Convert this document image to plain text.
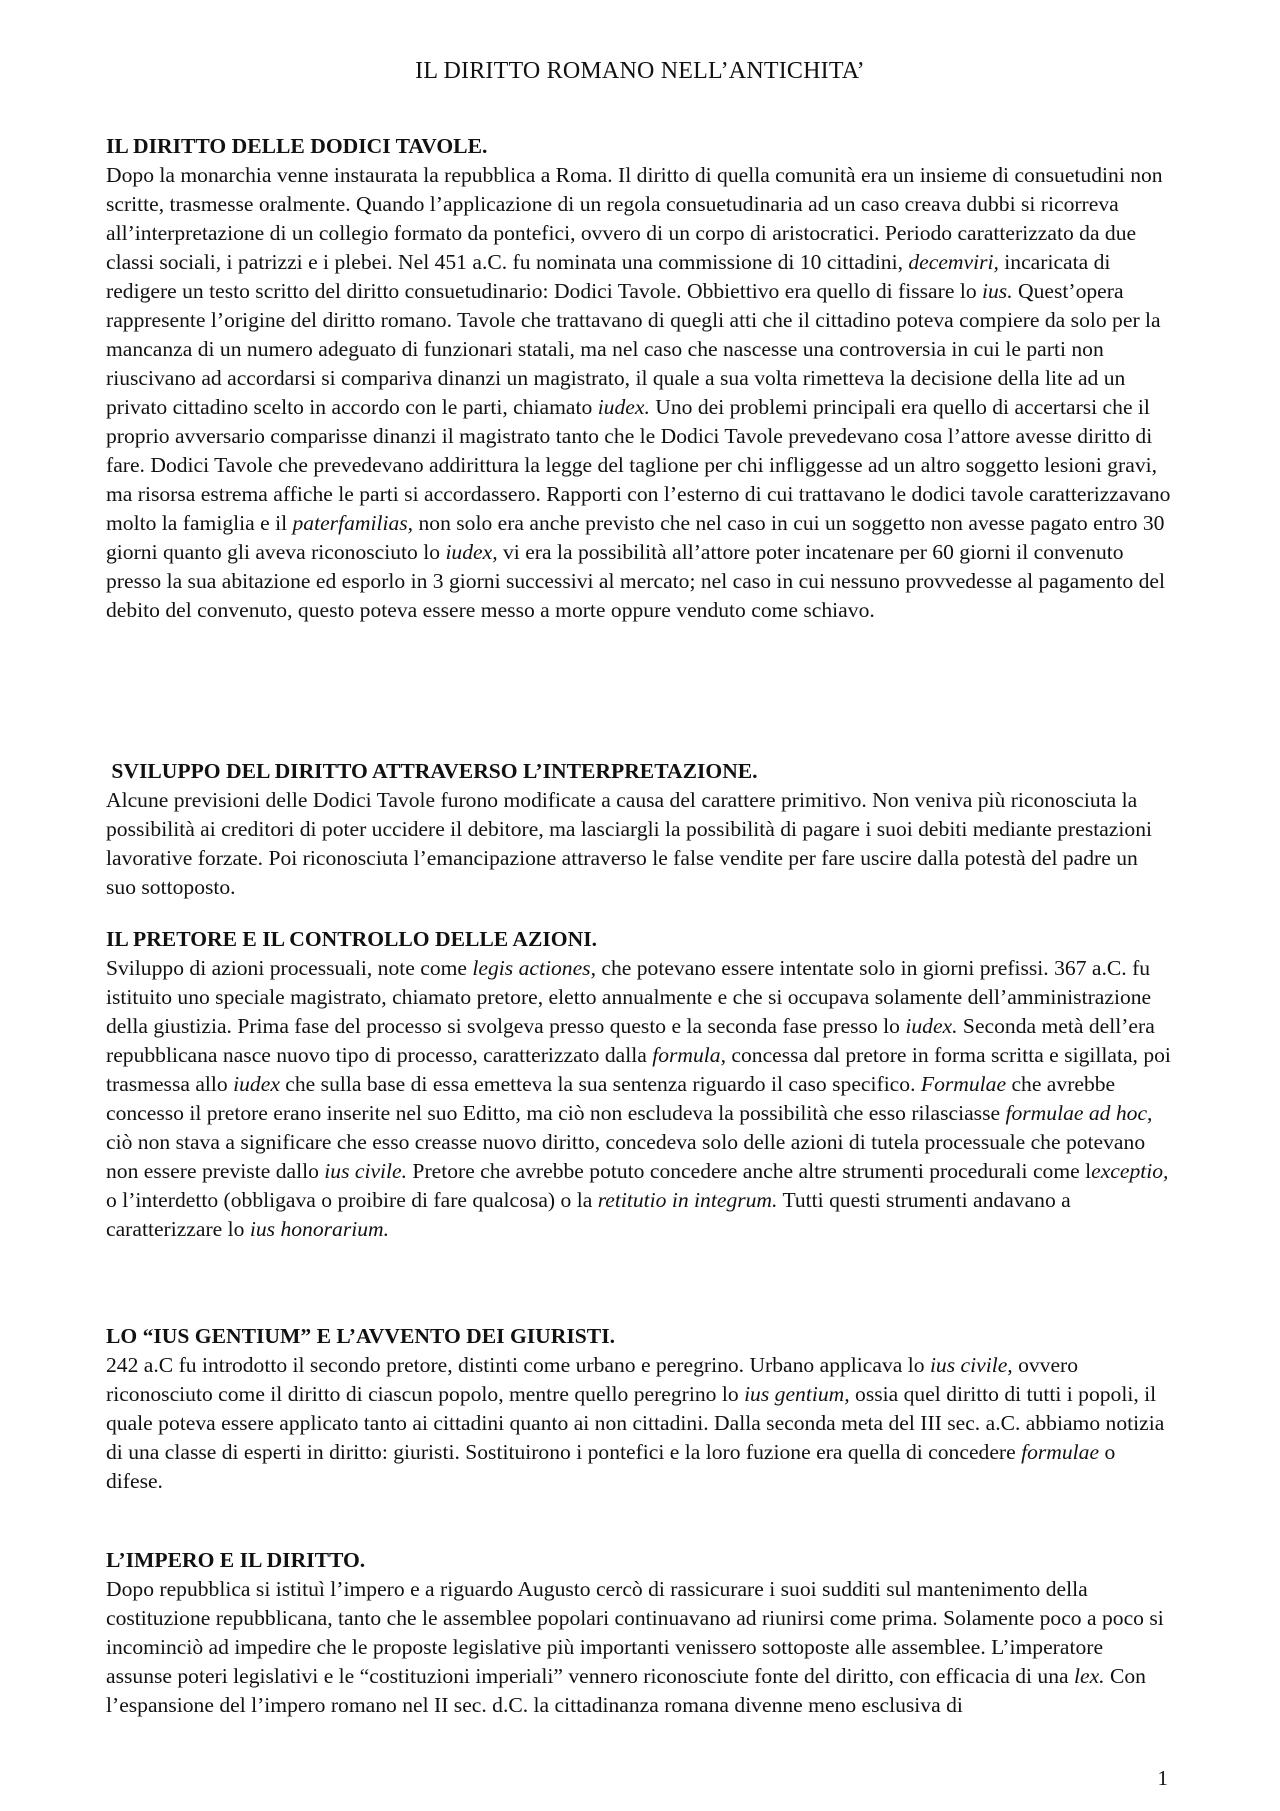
IL DIRITTO ROMANO NELL’ANTICHITA’
IL DIRITTO DELLE DODICI TAVOLE.

Dopo la monarchia venne instaurata la repubblica a Roma. Il diritto di quella comunità era un insieme di consuetudini non scritte, trasmesse oralmente. Quando l’applicazione di un regola consuetudinaria ad un caso creava dubbi si ricorreva all’interpretazione di un collegio formato da pontefici, ovvero di un corpo di aristocratici. Periodo caratterizzato da due classi sociali, i patrizzi e i plebei. Nel 451 a.C. fu nominata una commissione di 10 cittadini, decemviri, incaricata di redigere un testo scritto del diritto consuetudinario: Dodici Tavole. Obbiettivo era quello di fissare lo ius. Quest’opera rappresente l’origine del diritto romano. Tavole che trattavano di quegli atti che il cittadino poteva compiere da solo per la mancanza di un numero adeguato di funzionari statali, ma nel caso che nascesse una controversia in cui le parti non riuscivano ad accordarsi si compariva dinanzi un magistrato, il quale a sua volta rimetteva la decisione della lite ad un privato cittadino scelto in accordo con le parti, chiamato iudex. Uno dei problemi principali era quello di accertarsi che il proprio avversario comparisse dinanzi il magistrato tanto che le Dodici Tavole prevedevano cosa l’attore avesse diritto di fare. Dodici Tavole che prevedevano addirittura la legge del taglione per chi infliggesse ad un altro soggetto lesioni gravi, ma risorsa estrema affiche le parti si accordassero. Rapporti con l’esterno di cui trattavano le dodici tavole caratterizzavano molto la famiglia e il paterfamilias, non solo era anche previsto che nel caso in cui un soggetto non avesse pagato entro 30 giorni quanto gli aveva riconosciuto lo iudex, vi era la possibilità all’attore poter incatenare per 60 giorni il convenuto presso la sua abitazione ed esporlo in 3 giorni successivi al mercato; nel caso in cui nessuno provvedesse al pagamento del debito del convenuto, questo poteva essere messo a morte oppure venduto come schiavo.

SVILUPPO DEL DIRITTO ATTRAVERSO L’INTERPRETAZIONE.

Alcune previsioni delle Dodici Tavole furono modificate a causa del carattere primitivo. Non veniva più riconosciuta la possibilità ai creditori di poter uccidere il debitore, ma lasciargli la possibilità di pagare i suoi debiti mediante prestazioni lavorative forzate. Poi riconosciuta l’emancipazione attraverso le false vendite per fare uscire dalla potestà del padre un suo sottoposto.

IL PRETORE E IL CONTROLLO DELLE AZIONI.

Sviluppo di azioni processuali, note come legis actiones, che potevano essere intentate solo in giorni prefissi. 367 a.C. fu istituito uno speciale magistrato, chiamato pretore, eletto annualmente e che si occupava solamente dell’amministrazione della giustizia. Prima fase del processo si svolgeva presso questo e la seconda fase presso lo iudex. Seconda metà dell’era repubblicana nasce nuovo tipo di processo, caratterizzato dalla formula, concessa dal pretore in forma scritta e sigillata, poi trasmessa allo iudex che sulla base di essa emetteva la sua sentenza riguardo il caso specifico. Formulae che avrebbe concesso il pretore erano inserite nel suo Editto, ma ciò non escludeva la possibilità che esso rilasciasse formulae ad hoc, ciò non stava a significare che esso creasse nuovo diritto, concedeva solo delle azioni di tutela processuale che potevano non essere previste dallo ius civile. Pretore che avrebbe potuto concedere anche altre strumenti procedurali come lexceptio, o l’interdetto (obbligava o proibire di fare qualcosa) o la retitutio in integrum. Tutti questi strumenti andavano a caratterizzare lo ius honorarium.

LO “IUS GENTIUM” E L’AVVENTO DEI GIURISTI.

242 a.C fu introdotto il secondo pretore, distinti come urbano e peregrino. Urbano applicava lo ius civile, ovvero riconosciuto come il diritto di ciascun popolo, mentre quello peregrino lo ius gentium, ossia quel diritto di tutti i popoli, il quale poteva essere applicato tanto ai cittadini quanto ai non cittadini. Dalla seconda meta del III sec. a.C. abbiamo notizia di una classe di esperti in diritto: giuristi. Sostituirono i pontefici e la loro fuzione era quella di concedere formulae o difese.

L’IMPERO E IL DIRITTO.

Dopo repubblica si istituì l’impero e a riguardo Augusto cercò di rassicurare i suoi sudditi sul mantenimento della costituzione repubblicana, tanto che le assemblee popolari continuavano ad riunirsi come prima. Solamente poco a poco si incominciò ad impedire che le proposte legislative più importanti venissero sottoposte alle assemblee. L’imperatore assunse poteri legislativi e le “costituzioni imperiali” vennero riconosciute fonte del diritto, con efficacia di una lex. Con l’espansione del l’impero romano nel II sec. d.C. la cittadinanza romana divenne meno esclusiva di

1
